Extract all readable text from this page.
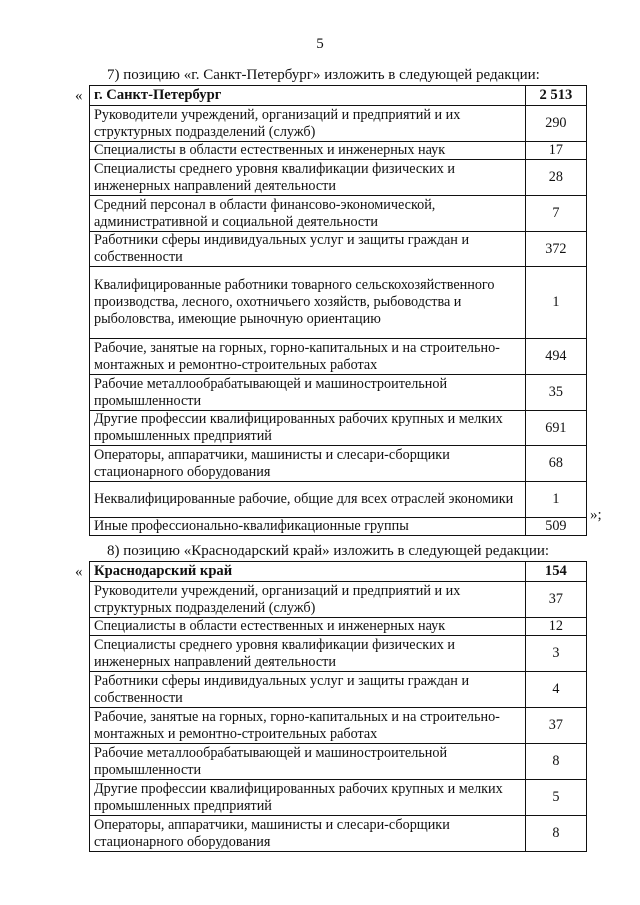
5
7) позицию «г. Санкт-Петербург» изложить в следующей редакции:
« г. Санкт-Петербург	2 513
Руководители учреждений, организаций и предприятий и их структурных подразделений (служб)	290
Специалисты в области естественных и инженерных наук	17
Специалисты среднего уровня квалификации физических и инженерных направлений деятельности	28
Средний персонал в области финансово-экономической, административной и социальной деятельности	7
Работники сферы индивидуальных услуг и защиты граждан и собственности	372
Квалифицированные работники товарного сельскохозяйственного производства, лесного, охотничьего хозяйств, рыбоводства и рыболовства, имеющие рыночную ориентацию	1
Рабочие, занятые на горных, горно-капитальных и на строительно-монтажных и ремонтно-строительных работах	494
Рабочие металлообрабатывающей и машиностроительной промышленности	35
Другие профессии квалифицированных рабочих крупных и мелких промышленных предприятий	691
Операторы, аппаратчики, машинисты и слесари-сборщики стационарного оборудования	68
Неквалифицированные рабочие, общие для всех отраслей экономики	1
Иные профессионально-квалификационные группы	509
»;
8) позицию «Краснодарский край» изложить в следующей редакции:
« Краснодарский край	154
Руководители учреждений, организаций и предприятий и их структурных подразделений (служб)	37
Специалисты в области естественных и инженерных наук	12
Специалисты среднего уровня квалификации физических и инженерных направлений деятельности	3
Работники сферы индивидуальных услуг и защиты граждан и собственности	4
Рабочие, занятые на горных, горно-капитальных и на строительно-монтажных и ремонтно-строительных работах	37
Рабочие металлообрабатывающей и машиностроительной промышленности	8
Другие профессии квалифицированных рабочих крупных и мелких промышленных предприятий	5
Операторы, аппаратчики, машинисты и слесари-сборщики стационарного оборудования	8
